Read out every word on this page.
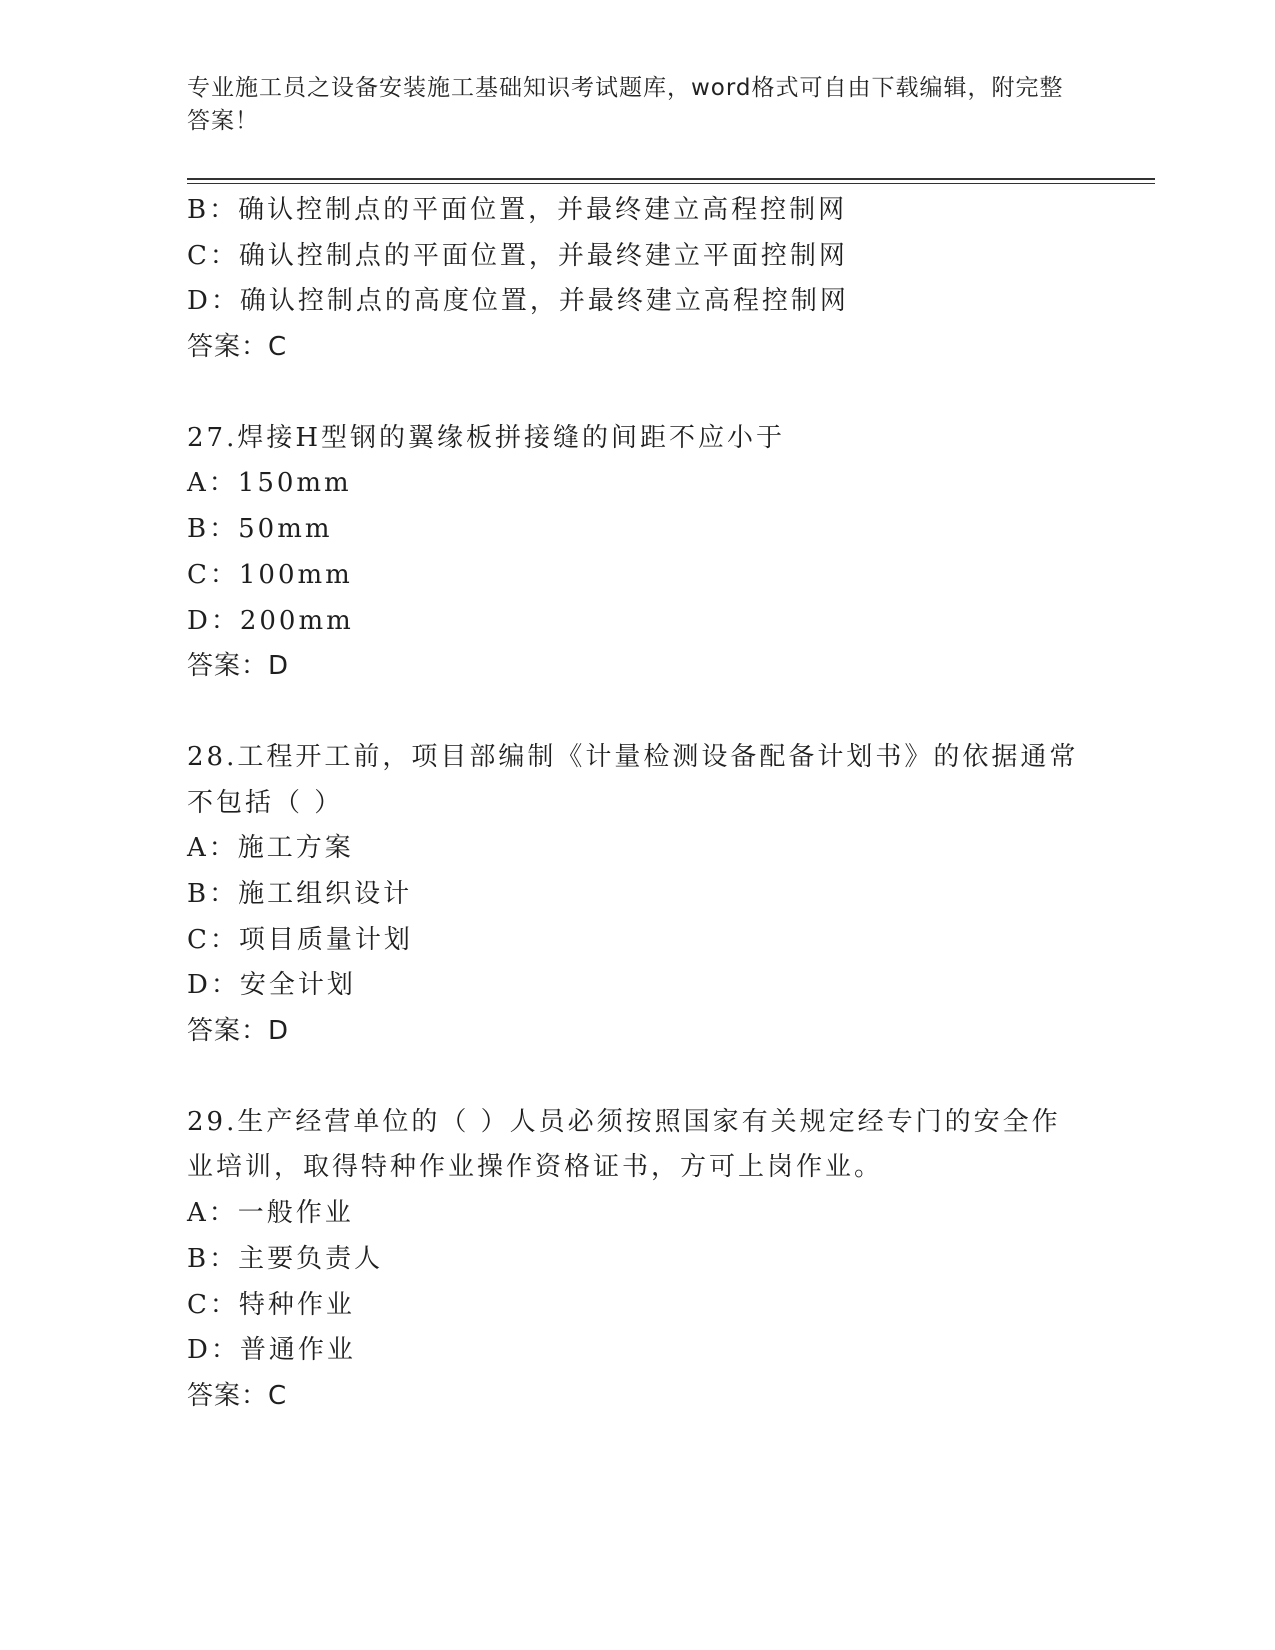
专业施工员之设备安装施工基础知识考试题库，word格式可自由下载编辑，附完整答案！
B：确认控制点的平面位置，并最终建立高程控制网
C：确认控制点的平面位置，并最终建立平面控制网
D：确认控制点的高度位置，并最终建立高程控制网
答案：C
27.焊接H型钢的翼缘板拼接缝的间距不应小于
A：150mm
B：50mm
C：100mm
D：200mm
答案：D
28.工程开工前，项目部编制《计量检测设备配备计划书》的依据通常不包括（ ）
A：施工方案
B：施工组织设计
C：项目质量计划
D：安全计划
答案：D
29.生产经营单位的（ ）人员必须按照国家有关规定经专门的安全作业培训，取得特种作业操作资格证书，方可上岗作业。
A：一般作业
B：主要负责人
C：特种作业
D：普通作业
答案：C
